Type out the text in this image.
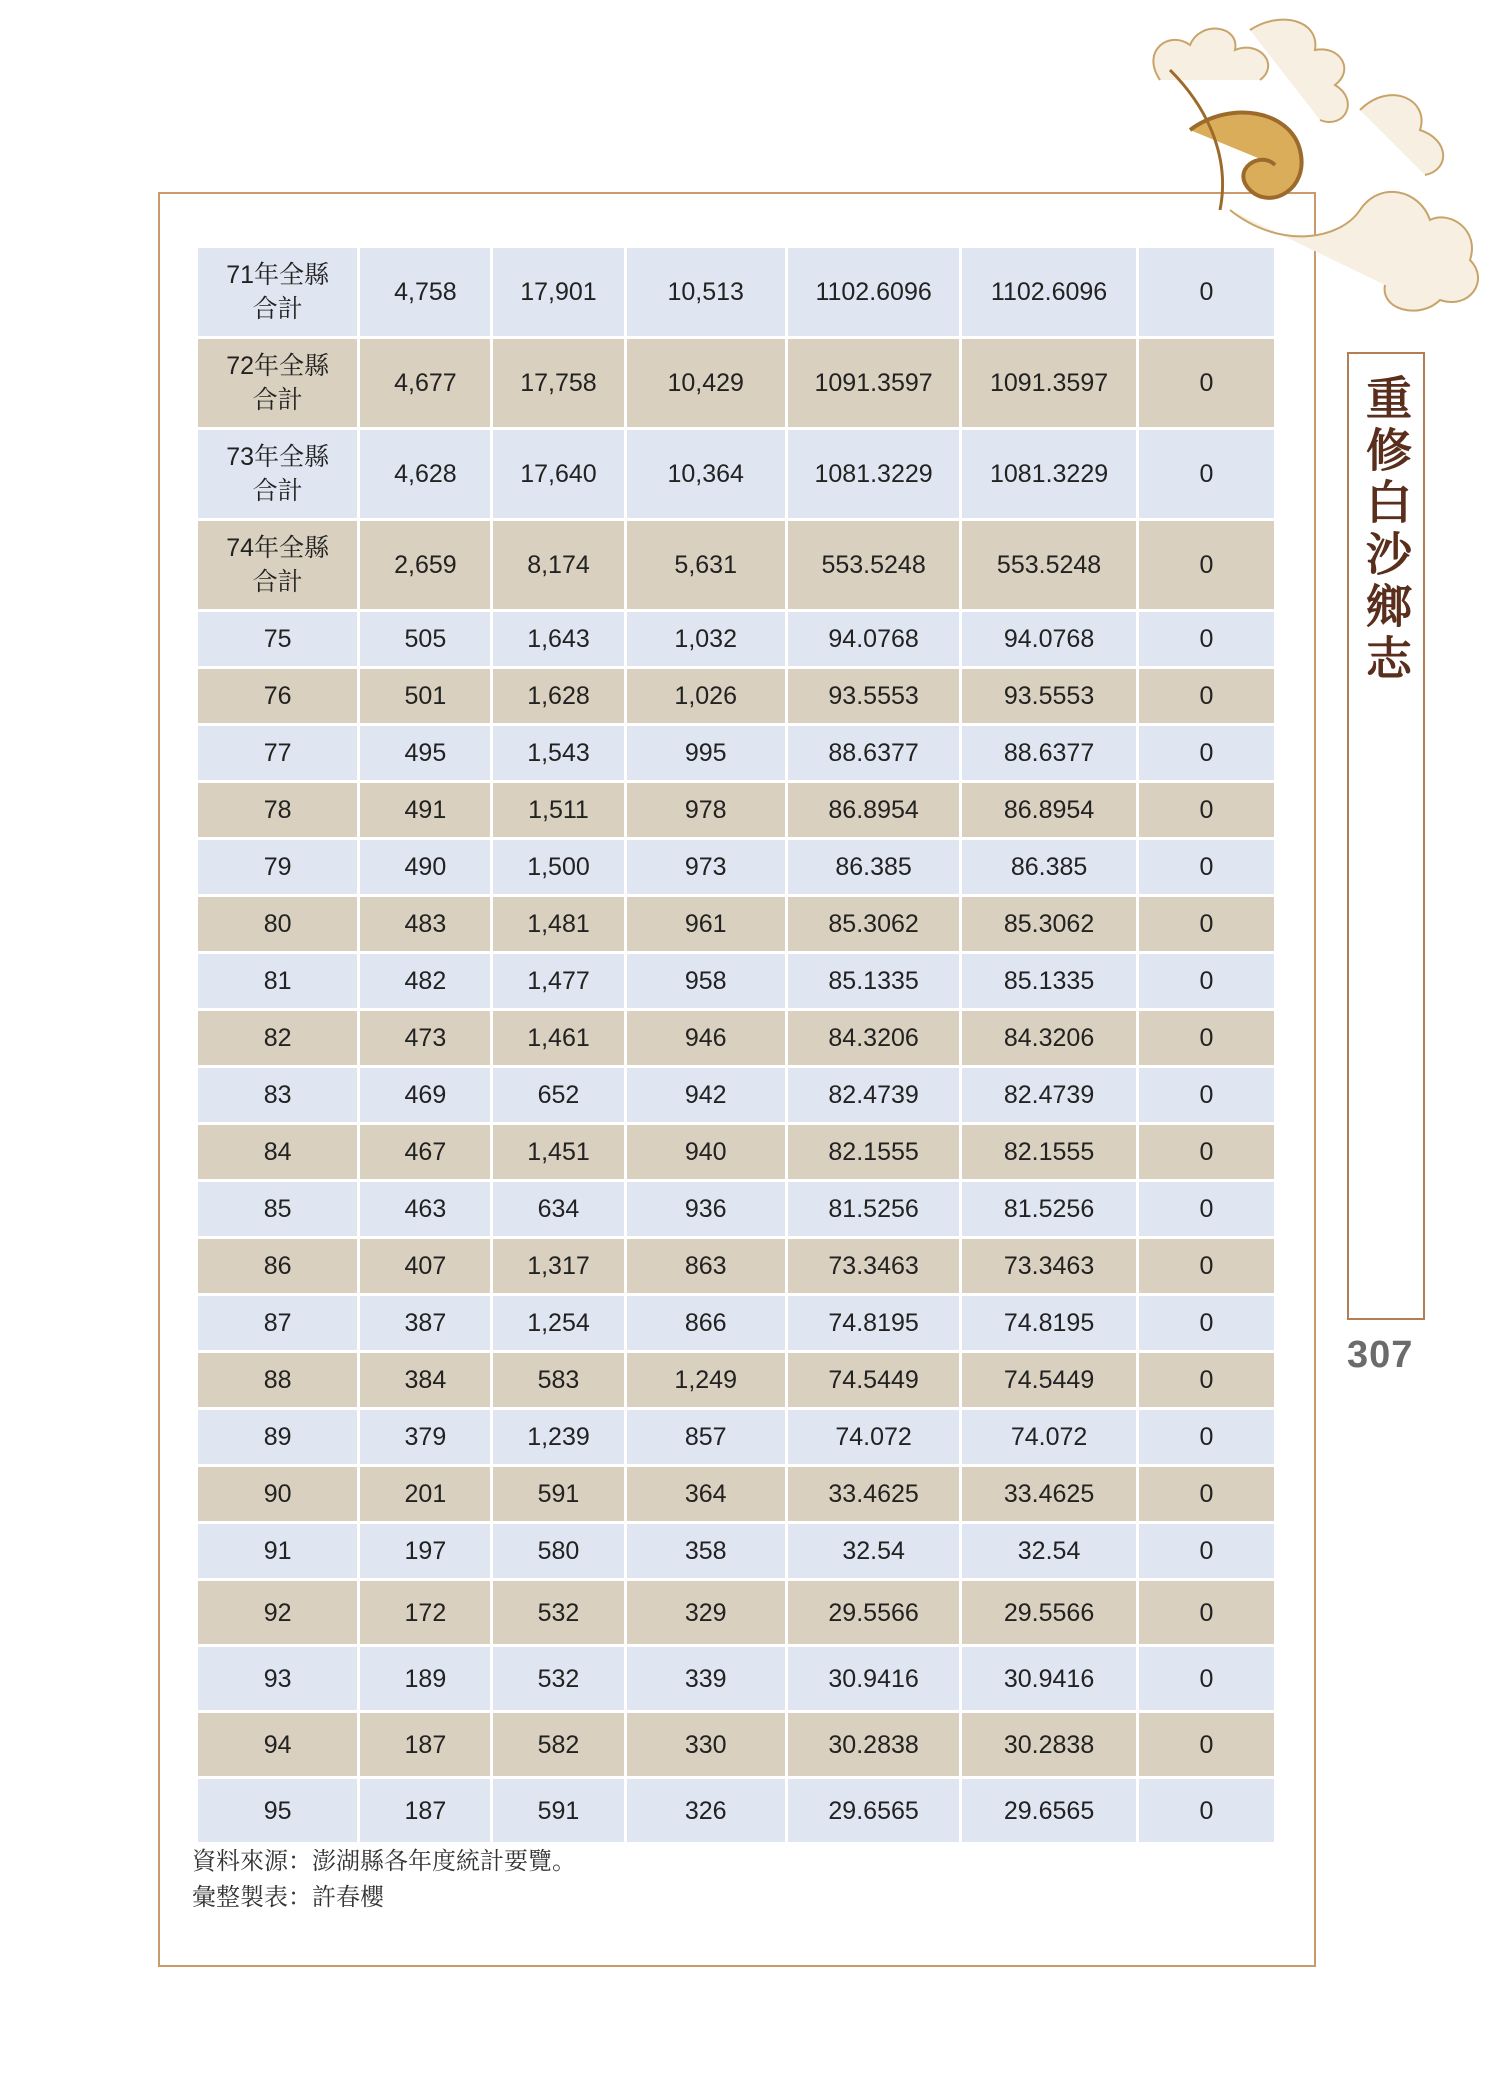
重修白沙鄉志
307
71年全縣
合計	4,758	17,901	10,513	1102.6096	1102.6096	0

72年全縣
合計	4,677	17,758	10,429	1091.3597	1091.3597	0

73年全縣
合計	4,628	17,640	10,364	1081.3229	1081.3229	0

74年全縣
合計	2,659	8,174	5,631	553.5248	553.5248	0

75	505	1,643	1,032	94.0768	94.0768	0

76	501	1,628	1,026	93.5553	93.5553	0

77	495	1,543	995	88.6377	88.6377	0

78	491	1,511	978	86.8954	86.8954	0

79	490	1,500	973	86.385	86.385	0

80	483	1,481	961	85.3062	85.3062	0

81	482	1,477	958	85.1335	85.1335	0

82	473	1,461	946	84.3206	84.3206	0

83	469	652	942	82.4739	82.4739	0

84	467	1,451	940	82.1555	82.1555	0

85	463	634	936	81.5256	81.5256	0

86	407	1,317	863	73.3463	73.3463	0

87	387	1,254	866	74.8195	74.8195	0

88	384	583	1,249	74.5449	74.5449	0

89	379	1,239	857	74.072	74.072	0

90	201	591	364	33.4625	33.4625	0

91	197	580	358	32.54	32.54	0

92	172	532	329	29.5566	29.5566	0

93	189	532	339	30.9416	30.9416	0

94	187	582	330	30.2838	30.2838	0

95	187	591	326	29.6565	29.6565	0
資料來源：澎湖縣各年度統計要覽。
彙整製表：許春櫻
